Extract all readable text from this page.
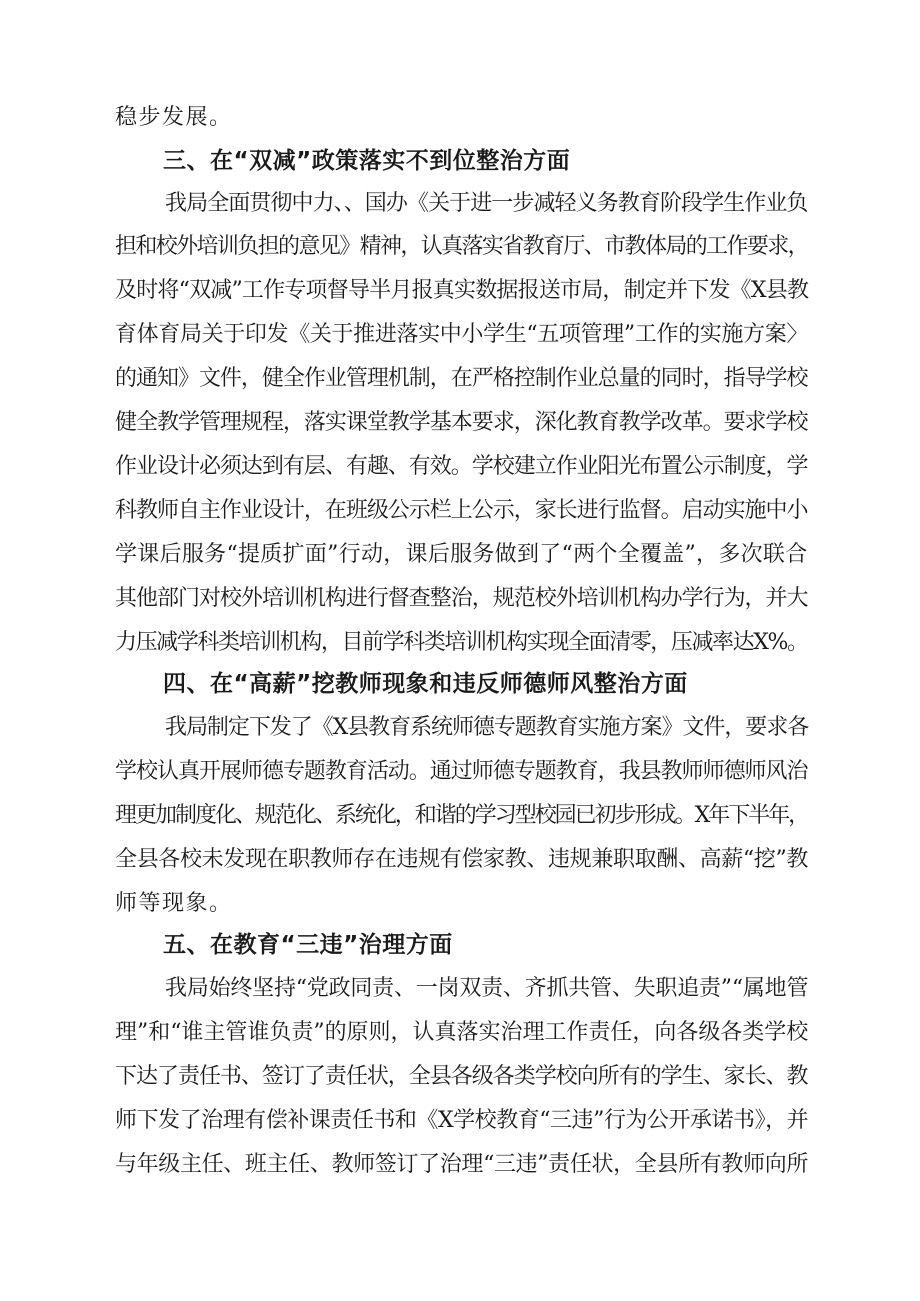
稳步发展。
三、在“双减”政策落实不到位整治方面
我局全面贯彻中力、、国办《关于进一步减轻义务教育阶段学生作业负
担和校外培训负担的意见》精神，认真落实省教育厅、市教体局的工作要求，
及时将“双减”工作专项督导半月报真实数据报送市局，制定并下发《X县教
育体育局关于印发《关于推进落实中小学生“五项管理”工作的实施方案〉
的通知》文件，健全作业管理机制，在严格控制作业总量的同时，指导学校
健全教学管理规程，落实课堂教学基本要求，深化教育教学改革。要求学校
作业设计必须达到有层、有趣、有效。学校建立作业阳光布置公示制度，学
科教师自主作业设计，在班级公示栏上公示，家长进行监督。启动实施中小
学课后服务“提质扩面”行动，课后服务做到了“两个全覆盖”，多次联合
其他部门对校外培训机构进行督查整治，规范校外培训机构办学行为，并大
力压减学科类培训机构，目前学科类培训机构实现全面清零，压减率达X%。
四、在“高薪”挖教师现象和违反师德师风整治方面
我局制定下发了《X县教育系统师德专题教育实施方案》文件，要求各
学校认真开展师德专题教育活动。通过师德专题教育，我县教师师德师风治
理更加制度化、规范化、系统化，和谐的学习型校园已初步形成。X年下半年，
全县各校未发现在职教师存在违规有偿家教、违规兼职取酬、高薪“挖”教
师等现象。
五、在教育“三违”治理方面
我局始终坚持“党政同责、一岗双责、齐抓共管、失职追责”“属地管
理”和“谁主管谁负责”的原则，认真落实治理工作责任，向各级各类学校
下达了责任书、签订了责任状，全县各级各类学校向所有的学生、家长、教
师下发了治理有偿补课责任书和《X学校教育“三违”行为公开承诺书》，并
与年级主任、班主任、教师签订了治理“三违”责任状，全县所有教师向所
